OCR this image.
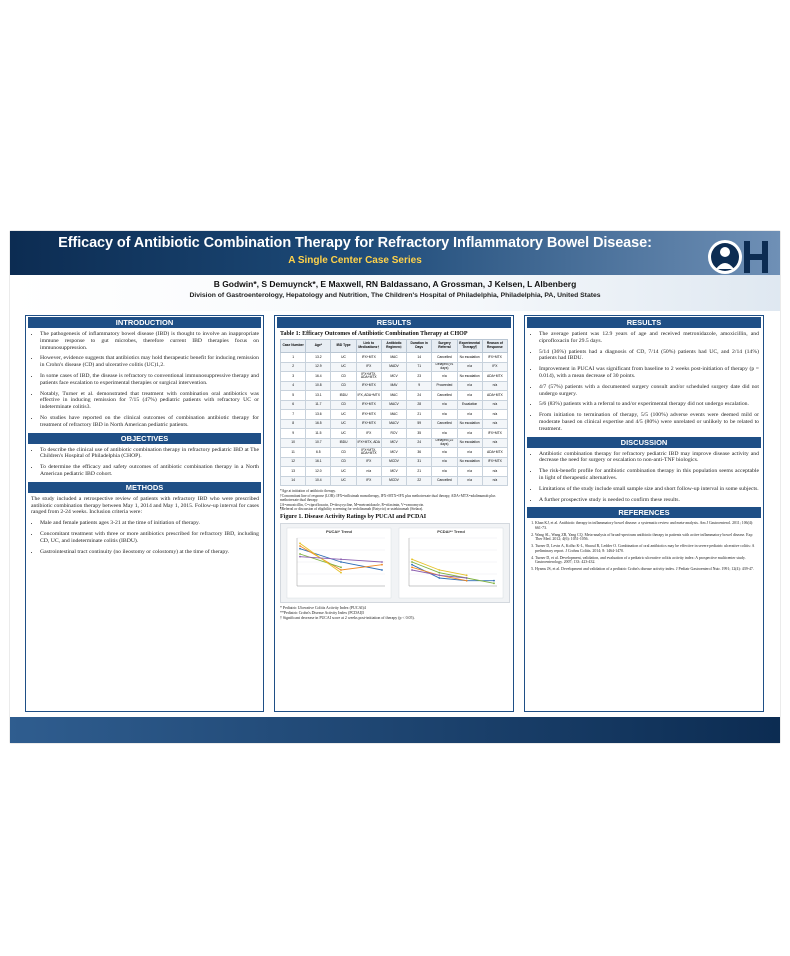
Efficacy of Antibiotic Combination Therapy for Refractory Inflammatory Bowel Disease:
A Single Center Case Series
B Godwin*, S Demuynck*, E Maxwell, RN Baldassano, A Grossman, J Kelsen, L Albenberg
Division of Gastroenterology, Hepatology and Nutrition, The Children's Hospital of Philadelphia, Philadelphia, PA, United States
INTRODUCTION
• The pathogenesis of inflammatory bowel disease (IBD) is thought to involve an inappropriate immune response to gut microbes, therefore current IBD therapies focus on immunosuppression.
• However, evidence suggests that antibiotics may hold therapeutic benefit for inducing remission in Crohn's disease (CD) and ulcerative colitis (UC)1,2.
• In some cases of IBD, the disease is refractory to conventional immunosuppressive therapy and patients face escalation to experimental therapies or surgical intervention.
• Notably, Turner et al. demonstrated that treatment with combination oral antibiotics was effective in inducing remission for 7/15 (47%) pediatric patients with refractory UC or indeterminate colitis3.
• No studies have reported on the clinical outcomes of combination antibiotic therapy for treatment of refractory IBD in North American pediatric patients.
OBJECTIVES
• To describe the clinical use of antibiotic combination therapy in refractory pediatric IBD at The Children's Hospital of Philadelphia (CHOP).
• To determine the efficacy and safety outcomes of antibiotic combination therapy in a North American pediatric IBD cohort.
METHODS

The study included a retrospective review of patients with refractory IBD who were prescribed antibiotic combination therapy between May 1, 2014 and May 1, 2015. Follow-up interval for cases ranged from 2-24 weeks. Inclusion criteria were:

• Male and female patients ages 3-21 at the time of initiation of therapy.
• Concomitant treatment with three or more antibiotics prescribed for refractory IBD, including CD, UC, and indeterminate colitis (IBDU).
• Gastrointestinal tract continuity (no ileostomy or colostomy) at the time of therapy.
RESULTS
Table 1: Efficacy Outcomes of Antibiotic Combination Therapy at CHOP
Case Number	Age*	IBD Type	Link to Medications†	Antibiotic Regimen‡	Duration in Days	Surgery Referral	Experimental Therapy¶	Reason of Response
1	13.2	UC	IFX+MTX	MAC	14	Cancelled	No escalation	IFX+MTX
2	12.9	UC	IFX	MADV	71	Delayed (91 days)	n/a	IFX
3	16.4	CD	IFX+MTX, ADA+MTX	MCV	23	n/a	No escalation	ADA+MTX
4	10.8	CD	IFX+MTX	MAV	9	Proceeded	n/a	n/a
5	13.1	IBDU	IFX, ADA+MTX	MAC	24	Cancelled	n/a	ADA+MTX
6	11.7	CD	IFX+MTX	MACV	28	n/a	Escalation	n/a
7	13.6	UC	IFX+MTX	MAC	21	n/a	n/a	n/a
8	16.5	UC	IFX+MTX	MACV	59	Cancelled	No escalation	n/a
9	11.5	UC	IFX	RCV	35	n/a	n/a	IFX+MTX
10	10.7	IBDU	IFX+MTX, ADA	MCV	24	Delayed (22 days)	No escalation	n/a
11	6.5	CD	IFX+MTX, ADA+MTX	MCV	36	n/a	n/a	ADA+MTX
12	16.1	CD	IFX	MCDV	31	n/a	No escalation	IFX+MTX
13	12.0	UC	n/a	MCV	21	n/a	n/a	n/a
14	10.4	UC	IFX	MCDV	22	Cancelled	n/a	n/a
*Age at initiation of antibiotic therapy.
†Concomitant line of response (LOR): IFX=infliximab monotherapy, IFX+MTX=IFX plus methotrexate dual therapy, ADA+MTX=adalimumab plus methotrexate dual therapy.
‡A=amoxicillin, C=ciprofloxacin, D=doxycycline, M=metronidazole, R=rifaximin, V=vancomycin.
¶Referral or discussion of eligibility screening for vedolizumab (Entyvio) or ustekinumab (Stelara).
Figure 1. Disease Activity Ratings by PUCAI and PCDAI
PUCAI* Trend	PCDAI** Trend
* Pediatric Ulcerative Colitis Activity Index (PUCAI)4
**Pediatric Crohn's Disease Activity Index (PCDAI)5
† Significant decrease in PUCAI score at 2 weeks post-initiation of therapy (p < 0.05).
RESULTS
• The average patient was 12.9 years of age and received metronidazole, amoxicillin, and ciprofloxacin for 29.5 days.
• 5/14 (36%) patients had a diagnosis of CD, 7/14 (50%) patients had UC, and 2/14 (14%) patients had IBDU.
• Improvement in PUCAI was significant from baseline to 2 weeks post-initiation of therapy (p = 0.014), with a mean decrease of 30 points.
• 4/7 (57%) patients with a documented surgery consult and/or scheduled surgery date did not undergo surgery.
• 5/6 (83%) patients with a referral to and/or experimental therapy did not undergo escalation.
• From initiation to termination of therapy, 5/5 (100%) adverse events were deemed mild or moderate based on clinical expertise and 4/5 (80%) were unrelated or unlikely to be related to treatment.
DISCUSSION
• Antibiotic combination therapy for refractory pediatric IBD may improve disease activity and decrease the need for surgery or escalation to non-anti-TNF biologics.
• The risk-benefit profile for antibiotic combination therapy in this population seems acceptable in light of therapeutic alternatives.
• Limitations of the study include small sample size and short follow-up interval in some subjects.
• A further prospective study is needed to confirm these results.
REFERENCES
1. Khan KJ, et al. Antibiotic therapy in inflammatory bowel disease: a systematic review and meta-analysis. Am J Gastroenterol. 2011; 106(4): 661-73.
2. Wang SL, Wang ZR, Yang CQ. Meta-analysis of broad-spectrum antibiotic therapy in patients with active inflammatory bowel disease. Exp Ther Med. 2012; 4(6): 1051-1056.
3. Turner D, Levin A, Kolho K-L, Shaoul R, Ledder O. Combination of oral antibiotics may be effective in severe pediatric ulcerative colitis: A preliminary report. J Crohns Colitis. 2014; 8: 1464-1470.
4. Turner D, et al. Development, validation, and evaluation of a pediatric ulcerative colitis activity index: A prospective multicenter study. Gastroenterology. 2007; 133: 423-432.
5. Hyams JS, et al. Development and validation of a pediatric Crohn's disease activity index. J Pediatr Gastroenterol Nutr. 1991; 12(4): 439-47.
